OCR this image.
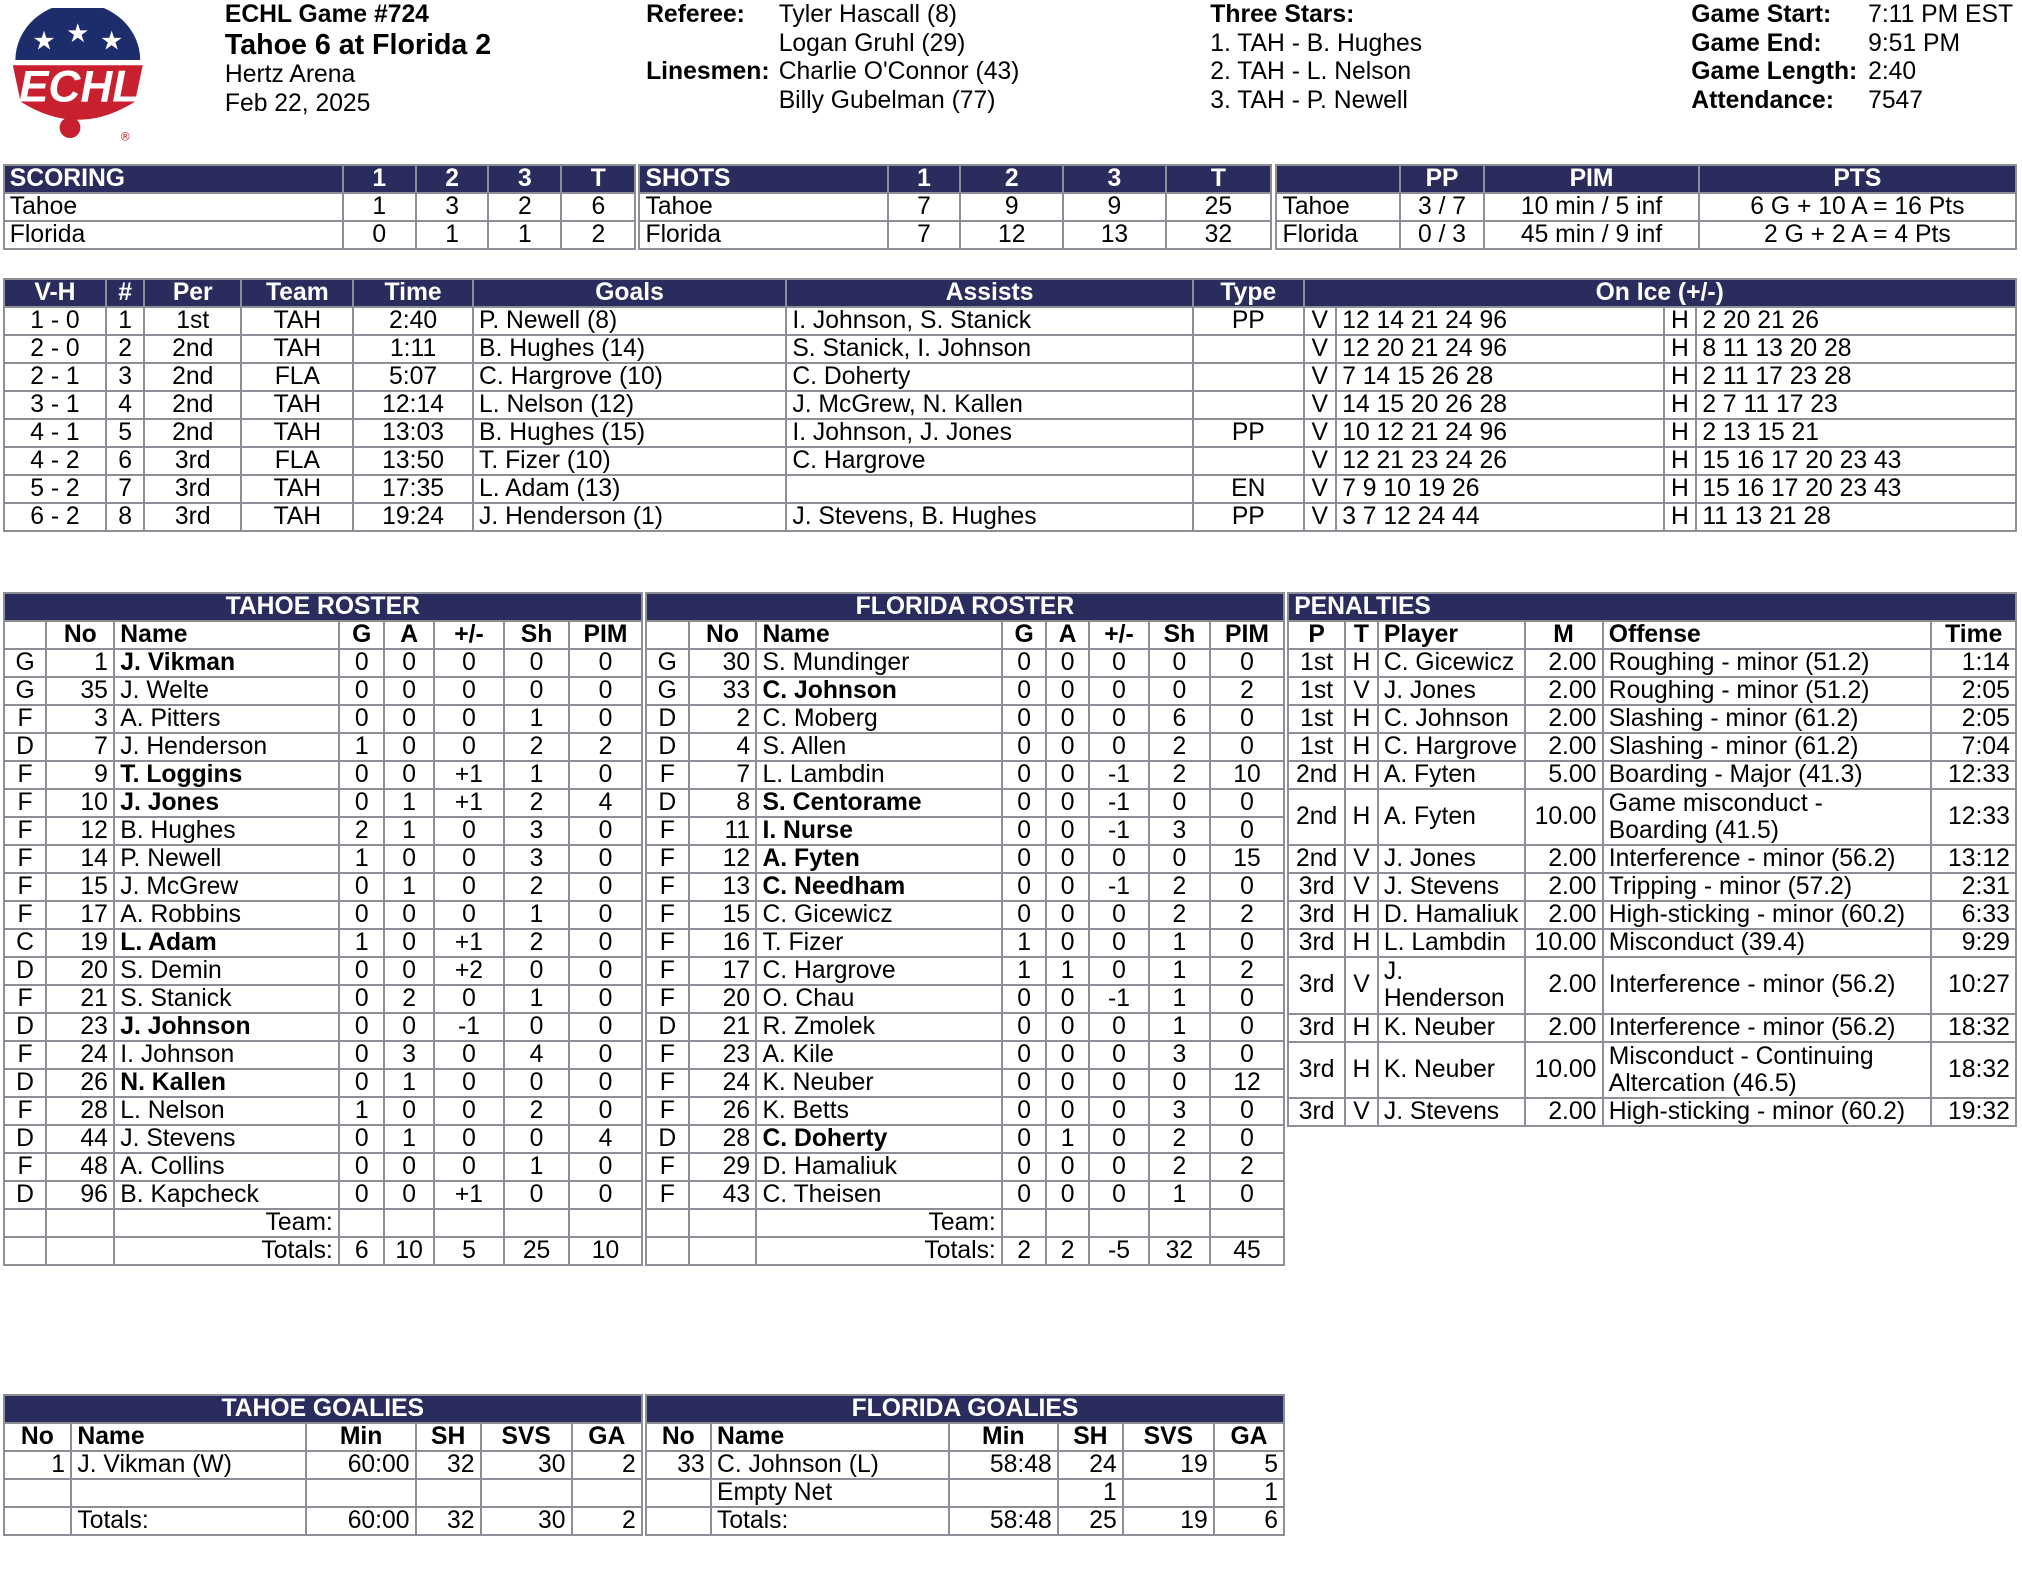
★ ★ ★
ECHL
®
ECHL Game #724
Tahoe 6 at Florida 2
Hertz Arena
Feb 22, 2025
Referee:	Tyler Hascall (8)
Logan Gruhl (29)
Linesmen: Charlie O'Connor (43)
Billy Gubelman (77)
Three Stars:
1. TAH - B. Hughes
2. TAH - L. Nelson
3. TAH - P. Newell
Game Start:	7:11 PM EST
Game End:	9:51 PM
Game Length: 2:40
Attendance:	7547
SCORING	1	2	3	T
Tahoe	1	3	2	6
Florida	0	1	1	2
SHOTS	1	2	3	T
Tahoe	7	9	9	25
Florida	7	12	13	32
	PP	PIM	PTS
Tahoe	3 / 7	10 min / 5 inf	6 G + 10 A = 16 Pts
Florida	0 / 3	45 min / 9 inf	2 G + 2 A = 4 Pts
V-H	#	Per	Team	Time	Goals	Assists	Type	On Ice (+/-)			
1 - 0	1	1st	TAH	2:40	P. Newell (8)	I. Johnson, S. Stanick	PP	V	12 14 21 24 96	H	2 20 21 26
2 - 0	2	2nd	TAH	1:11	B. Hughes (14)	S. Stanick, I. Johnson		V	12 20 21 24 96	H	8 11 13 20 28
2 - 1	3	2nd	FLA	5:07	C. Hargrove (10)	C. Doherty		V	7 14 15 26 28	H	2 11 17 23 28
3 - 1	4	2nd	TAH	12:14	L. Nelson (12)	J. McGrew, N. Kallen		V	14 15 20 26 28	H	2 7 11 17 23
4 - 1	5	2nd	TAH	13:03	B. Hughes (15)	I. Johnson, J. Jones	PP	V	10 12 21 24 96	H	2 13 15 21
4 - 2	6	3rd	FLA	13:50	T. Fizer (10)	C. Hargrove		V	12 21 23 24 26	H	15 16 17 20 23 43
5 - 2	7	3rd	TAH	17:35	L. Adam (13)		EN	V	7 9 10 19 26	H	15 16 17 20 23 43
6 - 2	8	3rd	TAH	19:24	J. Henderson (1)	J. Stevens, B. Hughes	PP	V	3 7 12 24 44	H	11 13 21 28
TAHOE ROSTER							
	No	Name	G	A	+/-	Sh	PIM
G	1	J. Vikman	0	0	0	0	0
G	35	J. Welte	0	0	0	0	0
F	3	A. Pitters	0	0	0	1	0
D	7	J. Henderson	1	0	0	2	2
F	9	T. Loggins	0	0	+1	1	0
F	10	J. Jones	0	1	+1	2	4
F	12	B. Hughes	2	1	0	3	0
F	14	P. Newell	1	0	0	3	0
F	15	J. McGrew	0	1	0	2	0
F	17	A. Robbins	0	0	0	1	0
C	19	L. Adam	1	0	+1	2	0
D	20	S. Demin	0	0	+2	0	0
F	21	S. Stanick	0	2	0	1	0
D	23	J. Johnson	0	0	-1	0	0
F	24	I. Johnson	0	3	0	4	0
D	26	N. Kallen	0	1	0	0	0
F	28	L. Nelson	1	0	0	2	0
D	44	J. Stevens	0	1	0	0	4
F	48	A. Collins	0	0	0	1	0
D	96	B. Kapcheck	0	0	+1	0	0
		Team:					
		Totals:	6	10	5	25	10
FLORIDA ROSTER							
	No	Name	G	A	+/-	Sh	PIM
G	30	S. Mundinger	0	0	0	0	0
G	33	C. Johnson	0	0	0	0	2
D	2	C. Moberg	0	0	0	6	0
D	4	S. Allen	0	0	0	2	0
F	7	L. Lambdin	0	0	-1	2	10
D	8	S. Centorame	0	0	-1	0	0
F	11	I. Nurse	0	0	-1	3	0
F	12	A. Fyten	0	0	0	0	15
F	13	C. Needham	0	0	-1	2	0
F	15	C. Gicewicz	0	0	0	2	2
F	16	T. Fizer	1	0	0	1	0
F	17	C. Hargrove	1	1	0	1	2
F	20	O. Chau	0	0	-1	1	0
D	21	R. Zmolek	0	0	0	1	0
F	23	A. Kile	0	0	0	3	0
F	24	K. Neuber	0	0	0	0	12
F	26	K. Betts	0	0	0	3	0
D	28	C. Doherty	0	1	0	2	0
F	29	D. Hamaliuk	0	0	0	2	2
F	43	C. Theisen	0	0	0	1	0
		Team:					
		Totals:	2	2	-5	32	45
PENALTIES					
P	T	Player	M	Offense	Time
1st	H	C. Gicewicz	2.00	Roughing - minor (51.2)	1:14
1st	V	J. Jones	2.00	Roughing - minor (51.2)	2:05
1st	H	C. Johnson	2.00	Slashing - minor (61.2)	2:05
1st	H	C. Hargrove	2.00	Slashing - minor (61.2)	7:04
2nd	H	A. Fyten	5.00	Boarding - Major (41.3)	12:33
2nd	H	A. Fyten	10.00	Game misconduct - Boarding (41.5)	12:33
2nd	V	J. Jones	2.00	Interference - minor (56.2)	13:12
3rd	V	J. Stevens	2.00	Tripping - minor (57.2)	2:31
3rd	H	D. Hamaliuk	2.00	High-sticking - minor (60.2)	6:33
3rd	H	L. Lambdin	10.00	Misconduct (39.4)	9:29
3rd	V	J. Henderson	2.00	Interference - minor (56.2)	10:27
3rd	H	K. Neuber	2.00	Interference - minor (56.2)	18:32
3rd	H	K. Neuber	10.00	Misconduct - Continuing Altercation (46.5)	18:32
3rd	V	J. Stevens	2.00	High-sticking - minor (60.2)	19:32
TAHOE GOALIES					
No	Name	Min	SH	SVS	GA
1	J. Vikman (W)	60:00	32	30	2

	Totals:	60:00	32	30	2
FLORIDA GOALIES					
No	Name	Min	SH	SVS	GA
33	C. Johnson (L)	58:48	24	19	5
	Empty Net		1		1
	Totals:	58:48	25	19	6
